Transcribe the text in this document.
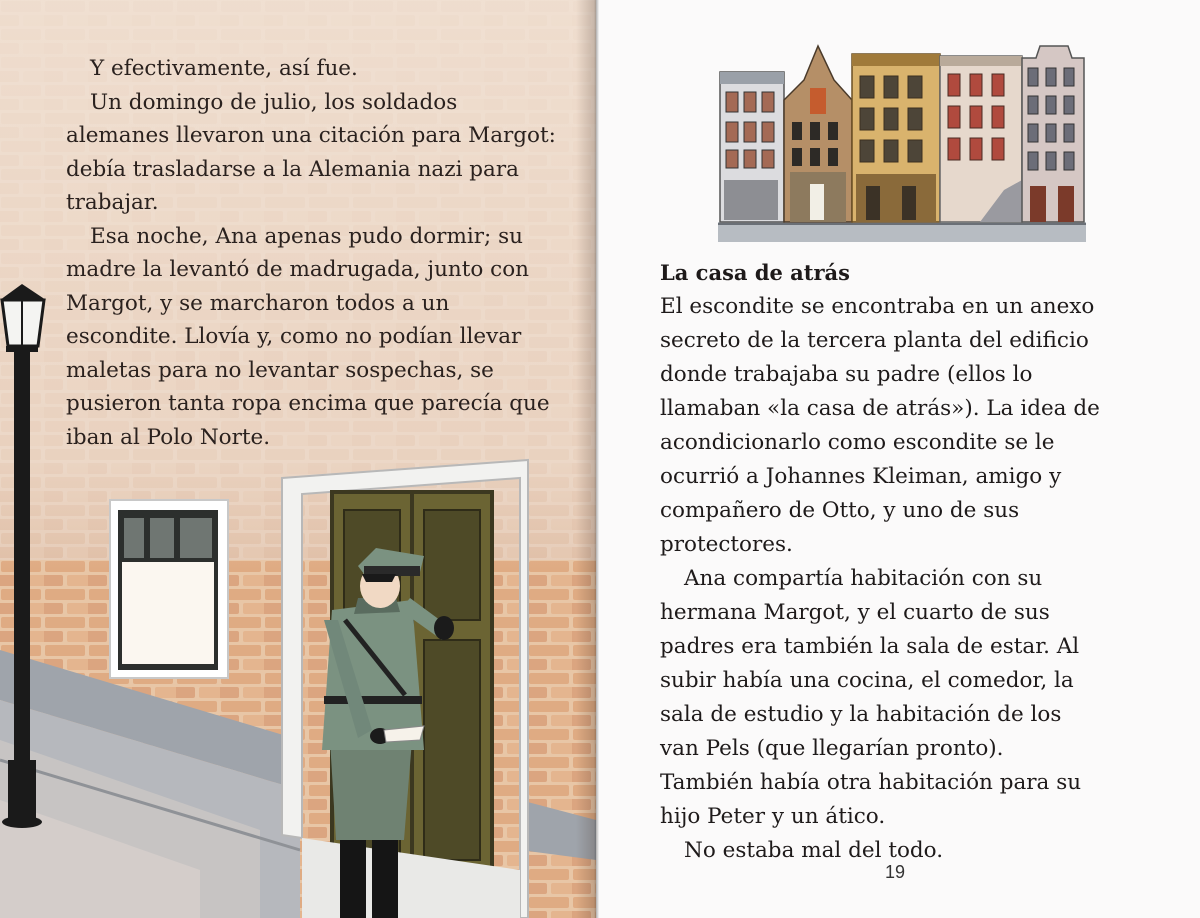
Y efectivamente, así fue.

Un domingo de julio, los soldados alemanes llevaron una citación para Margot: debía trasladarse a la Alemania nazi para trabajar.

Esa noche, Ana apenas pudo dormir; su madre la levantó de madrugada, junto con Margot, y se marcharon todos a un escondite. Llovía y, como no podían llevar maletas para no levantar sospechas, se pusieron tanta ropa encima que parecía que iban al Polo Norte.

La casa de atrás

El escondite se encontraba en un anexo secreto de la tercera planta del edificio donde trabajaba su padre (ellos lo llamaban «la casa de atrás»). La idea de acondicionarlo como escondite se le ocurrió a Johannes Kleiman, amigo y compañero de Otto, y uno de sus protectores.

Ana compartía habitación con su hermana Margot, y el cuarto de sus padres era también la sala de estar. Al subir había una cocina, el comedor, la sala de estudio y la habitación de los van Pels (que llegarían pronto). También había otra habitación para su hijo Peter y un ático.

No estaba mal del todo.

19
